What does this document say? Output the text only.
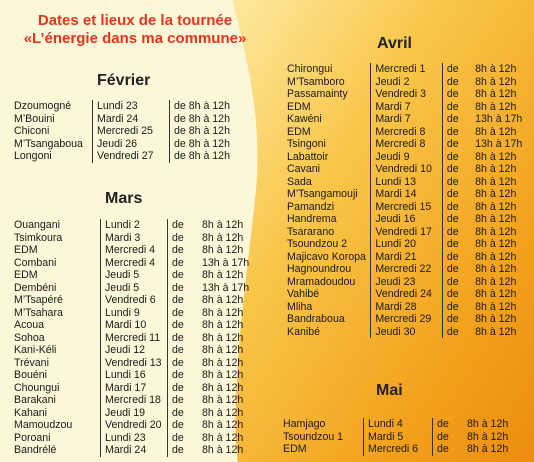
Dates et lieux de la tournée
«L’énergie dans ma commune»
Février
Dzoumogné	Lundi 23	de 8h à 12h
M’Bouini	Mardi 24	de 8h à 12h
Chiconi	Mercredi 25	de 8h à 12h
M’Tsangaboua	Jeudi 26	de 8h à 12h
Longoni	Vendredi 27	de 8h à 12h
Mars
Ouangani	Lundi 2	de	8h à 12h
Tsimkoura	Mardi 3	de	8h à 12h
EDM	Mercredi 4	de	8h à 12h
Combani	Mercredi 4	de	13h à 17h
EDM	Jeudi 5	de	8h à 12h
Dembéni	Jeudi 5	de	13h à 17h
M’Tsapéré	Vendredi 6	de	8h à 12h
M’Tsahara	Lundi 9	de	8h à 12h
Acoua	Mardi 10	de	8h à 12h
Sohoa	Mercredi 11	de	8h à 12h
Kani-Kéli	Jeudi 12	de	8h à 12h
Trévani	Vendredi 13	de	8h à 12h
Bouéni	Lundi 16	de	8h à 12h
Choungui	Mardi 17	de	8h à 12h
Barakani	Mercredi 18	de	8h à 12h
Kahani	Jeudi 19	de	8h à 12h
Mamoudzou	Vendredi 20	de	8h à 12h
Poroani	Lundi 23	de	8h à 12h
Bandrélé	Mardi 24	de	8h à 12h
Avril
Chirongui	Mercredi 1	de	8h à 12h
M’Tsamboro	Jeudi 2	de	8h à 12h
Passamainty	Vendredi 3	de	8h à 12h
EDM	Mardi 7	de	8h à 12h
Kawéni	Mardi 7	de	13h à 17h
EDM	Mercredi 8	de	8h à 12h
Tsingoni	Mercredi 8	de	13h à 17h
Labattoir	Jeudi 9	de	8h à 12h
Cavani	Vendredi 10	de	8h à 12h
Sada	Lundi 13	de	8h à 12h
M’Tsangamouji	Mardi 14	de	8h à 12h
Pamandzi	Mercredi 15	de	8h à 12h
Handrema	Jeudi 16	de	8h à 12h
Tsararano	Vendredi 17	de	8h à 12h
Tsoundzou 2	Lundi 20	de	8h à 12h
Majicavo Koropa	Mardi 21	de	8h à 12h
Hagnoundrou	Mercredi 22	de	8h à 12h
Mramadoudou	Jeudi 23	de	8h à 12h
Vahibé	Vendredi 24	de	8h à 12h
Mliha	Mardi 28	de	8h à 12h
Bandraboua	Mercredi 29	de	8h à 12h
Kanibé	Jeudi 30	de	8h à 12h
Mai
Hamjago	Lundi 4	de	8h à 12h
Tsoundzou 1	Mardi 5	de	8h à 12h
EDM	Mercredi 6	de	8h à 12h
